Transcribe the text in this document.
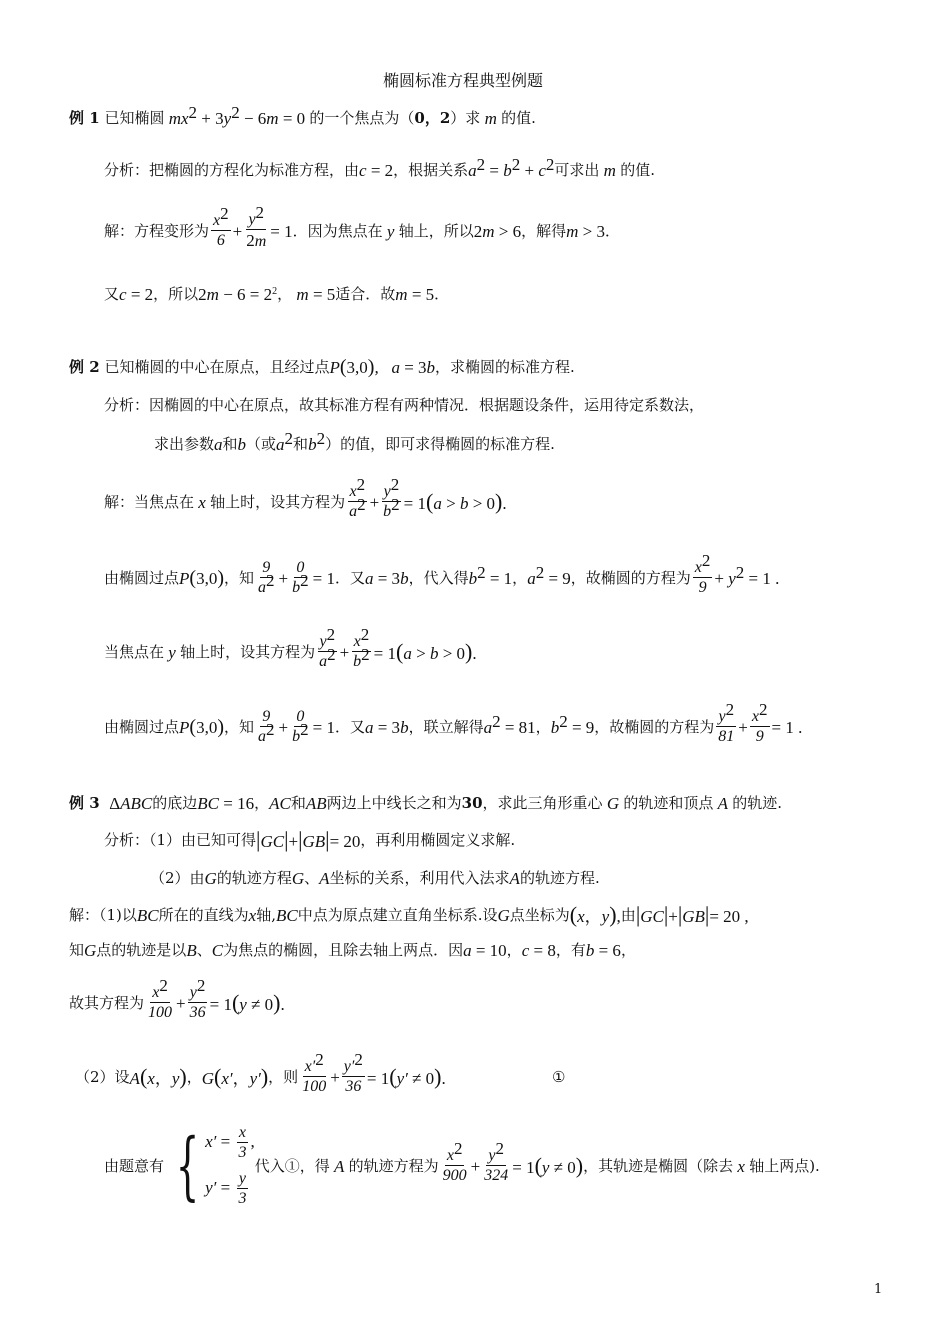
椭圆标准方程典型例题
例 1
已知椭圆 $mx^2 + 3y^2 - 6m = 0$ 的一个焦点为（ 0，2 ）求 m 的值.
分析：把椭圆的方程化为标准方程，由 c = 2 ，根据关系 $a^2 = b^2 + c^2$ 可求出 m 的值.
解：方程变形为
$x^2$
$6 + \frac{y^2}{2m} = 1$ ．因为焦点在 y 轴上，所以 2m > 6 ，解得 m > 3 ．
又 c = 2 ，所以 $2m - 6 = 2^2$ ， m = 5 适合．故 m = 5 ．
例 2
已知椭圆的中心在原点，且经过点 P(3,0),   a = 3b ，求椭圆的标准方程.
分析：因椭圆的中心在原点，故其标准方程有两种情况．根据题设条件，运用待定系数法，
求出参数 a 和 b （或 $a^2$ 和 $b^2$ ）的值，即可求得椭圆的标准方程.
解：当焦点在 x 轴上时，设其方程为
$x^2$
$a^2 + \frac{y^2}{b^2} = 1(a > b > 0)$.
由椭圆过点 P(3,0) ，知
9
$a^2 + \frac{0}{b^2} = 1$ ．又 a = 3b ，代入得 $b^2 = 1$ ， $a^2 = 9$ ，故椭圆的方程为
$x^2$
$9 + y^2 = 1$ .
当焦点在 y 轴上时，设其方程为
$y^2$
$a^2 + \frac{x^2}{b^2} = 1(a > b > 0)$.
由椭圆过点 P(3,0) ，知
9
$a^2 + \frac{0}{b^2} = 1$ ．又 a = 3b ，联立解得 $a^2 = 81$ ， $b^2 = 9$ ，故椭圆的方程为
$y^2$
$81 + \frac{x^2}{9} = 1$ .
例 3
ΔABC 的底边 BC = 16 ， AC 和 AB 两边上中线长之和为 30 ，求此三角形重心 G 的轨迹和顶点 A 的轨迹.
分析：（1）由已知可得 |GC|+|GB|= 20 ，再利用椭圆定义求解.
（2）由 G 的轨迹方程 G 、 A 坐标的关系，利用代入法求 A 的轨迹方程.
解：（1)以 BC 所在的直线为 x 轴, BC 中点为原点建立直角坐标系.设 G 点坐标为 (x，y), 由 |GC|+|GB|= 20 ,
知 G 点的轨迹是以 B 、 C 为焦点的椭圆，且除去轴上两点．因 a = 10 ， c = 8 ，有 b = 6 ，
故其方程为
$x^2$
$100 + \frac{y^2}{36} = 1(y \ne 0)$.
（2）设 A(x，y) ， G(x′，y′) ，则
$x'^2$
$100 + \frac{y'^2}{36} = 1(y' \ne 0)$.	①
由题意有 { $x' = \frac{x}{3}$ ,
$y' = \frac{y}{3}$
代入①，得 A 的轨迹方程为
$x^2$
$900 + \frac{y^2}{324} = 1(y \ne 0)$ ，其轨迹是椭圆（除去 x 轴上两点).
1
